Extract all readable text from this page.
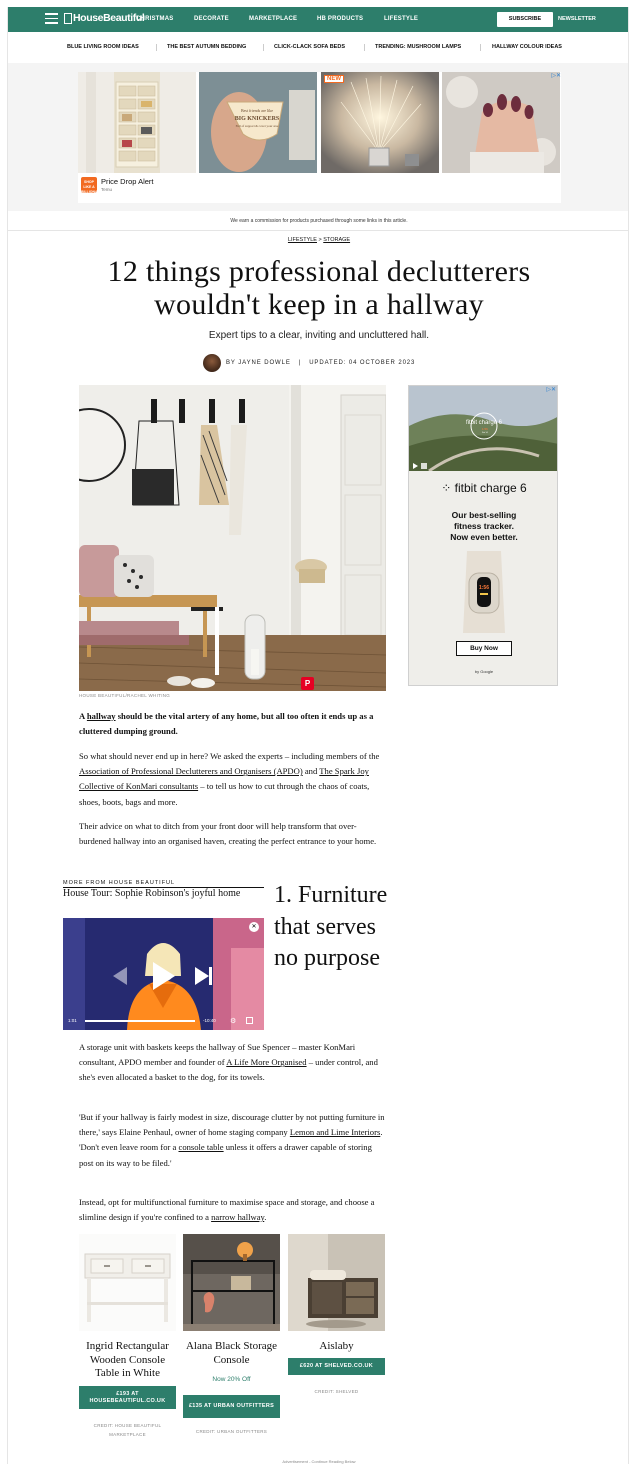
HouseBeautiful
CHRISTMAS	DECORATE	MARKETPLACE	HB PRODUCTS	LIFESTYLE	SUBSCRIBE	NEWSLETTER
BLUE LIVING ROOM IDEAS	THE BEST AUTUMN BEDDING	CLICK-CLACK SOFA BEDS	TRENDING: MUSHROOM LAMPS	HALLWAY COLOUR IDEAS
Best friends are like
BIG KNICKERS
Full of support & cover your arse
NEW	▷✕
SHOP LIKE A BILLIONAIRE
Price Drop Alert
Temu
We earn a commission for products purchased through some links in this article.
LIFESTYLE > STORAGE
12 things professional declutterers wouldn't keep in a hallway
Expert tips to a clear, inviting and uncluttered hall.
BY JAYNE DOWLE | UPDATED: 04 OCTOBER 2023
P
HOUSE BEAUTIFUL/RACHEL WHITING
fitbit charge 6
1:56
Sat 14
▷✕
⁘ fitbit charge 6
Our best-selling
fitness tracker.
Now even better.
1:56
Buy Now
by Google

A hallway should be the vital artery of any home, but all too often it ends up as a cluttered dumping ground.

So what should never end up in here? We asked the experts – including members of the Association of Professional Declutterers and Organisers (APDO) and The Spark Joy Collective of KonMari consultants – to tell us how to cut through the chaos of coats, shoes, boots, bags and more.

Their advice on what to ditch from your front door will help transform that over-burdened hallway into an organised haven, creating the perfect entrance to your home.

MORE FROM HOUSE BEAUTIFUL
House Tour: Sophie Robinson's joyful home
✕
1:01	-10:40 ⚙
1. Furniture that serves no purpose

A storage unit with baskets keeps the hallway of Sue Spencer – master KonMari consultant, APDO member and founder of A Life More Organised – under control, and she's even allocated a basket to the dog, for its towels.

'But if your hallway is fairly modest in size, discourage clutter by not putting furniture in there,' says Elaine Penhaul, owner of home staging company Lemon and Lime Interiors. 'Don't even leave room for a console table unless it offers a drawer capable of storing post on its way to be filed.'

Instead, opt for multifunctional furniture to maximise space and storage, and choose a slimline design if you're confined to a narrow hallway.

Ingrid Rectangular Wooden Console Table in White
£193 AT HOUSEBEAUTIFUL.CO.UK
CREDIT: HOUSE BEAUTIFUL MARKETPLACE
Alana Black Storage Console
Now 20% Off
£135 AT URBAN OUTFITTERS
CREDIT: URBAN OUTFITTERS
Aislaby
£620 AT SHELVED.CO.UK
CREDIT: SHELVED
Advertisement - Continue Reading Below
